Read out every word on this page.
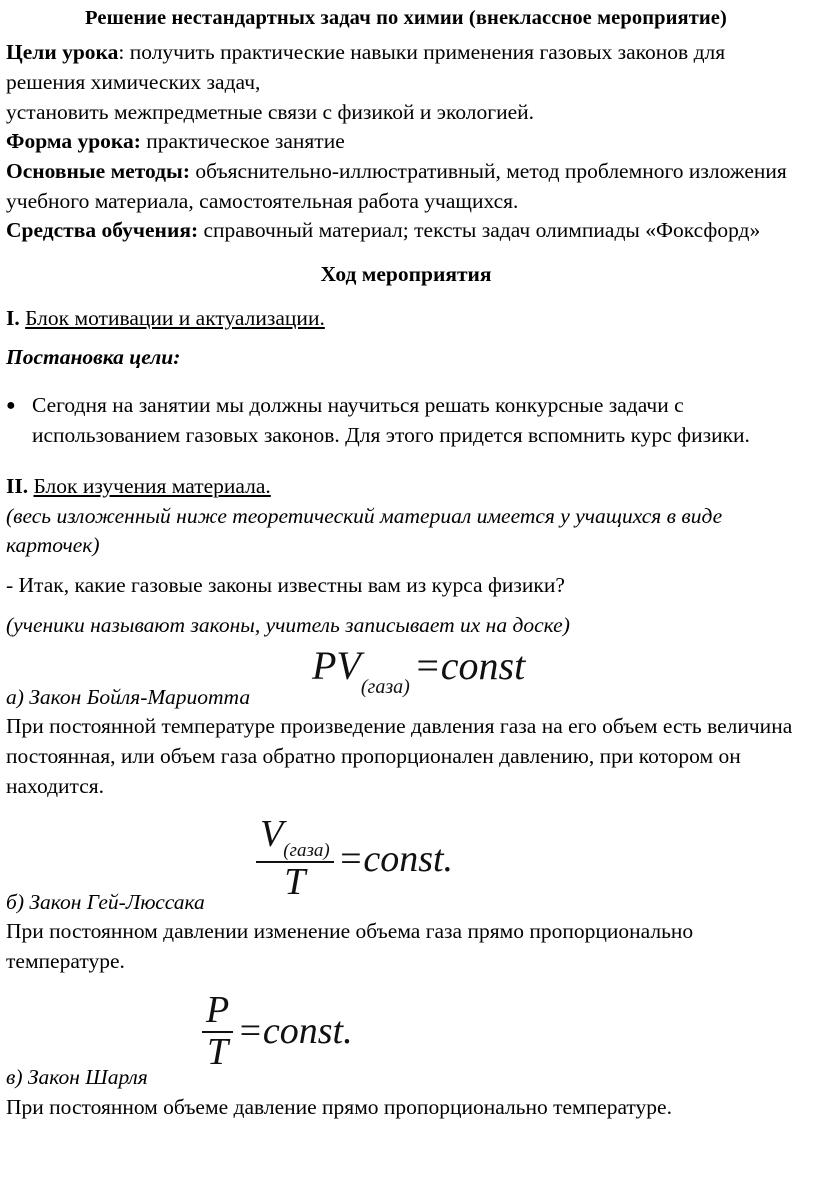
Решение нестандартных задач по химии (внеклассное мероприятие)

Цели урока: получить практические навыки применения газовых законов для решения химических задач,

установить межпредметные связи с физикой и экологией.

Форма урока: практическое занятие

Основные методы: объяснительно-иллюстративный, метод проблемного изложения учебного материала, самостоятельная работа учащихся.

Средства обучения: справочный материал; тексты задач олимпиады «Фоксфорд»

Ход мероприятия

I. Блок мотивации и актуализации.

Постановка цели:

● Сегодня на занятии мы должны научиться решать конкурсные задачи с использованием газовых законов. Для этого придется вспомнить курс физики.

II. Блок изучения материала.

(весь изложенный ниже теоретический материал имеется у учащихся в виде карточек)

- Итак, какие газовые законы известны вам из курса физики?

(ученики называют законы, учитель записывает их на доске)

$PV_{(газа)}$ =const
а) Закон Бойля-Мариотта

При постоянной температуре произведение давления газа на его объем есть величина постоянная, или объем газа обратно пропорционален давлению, при котором он находится.

$\frac{V_{(газа)}}{T}$ =const.
б) Закон Гей-Люссака

При постоянном давлении изменение объема газа прямо пропорционально температуре.

$\frac{P}{T}$ =const.
в) Закон Шарля

При постоянном объеме давление прямо пропорционально температуре.
